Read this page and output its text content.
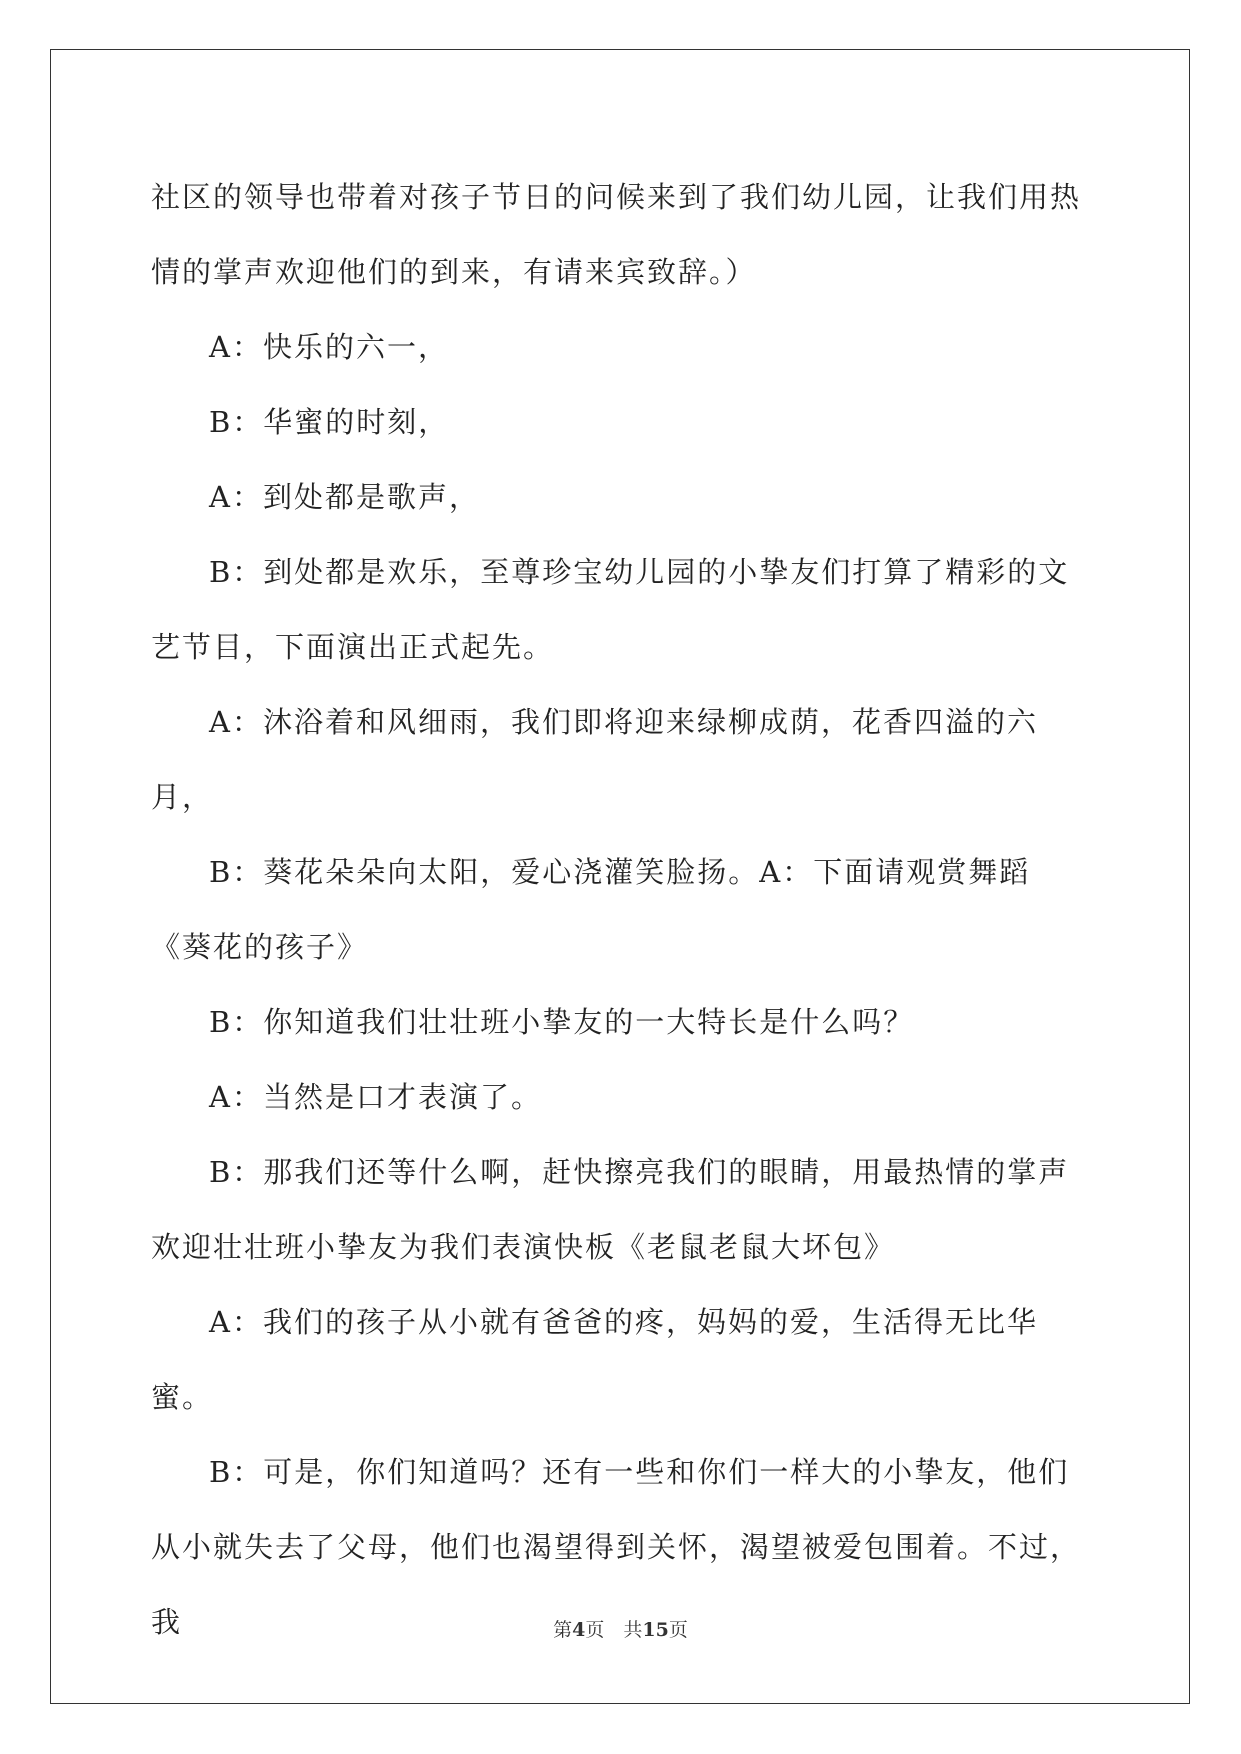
社区的领导也带着对孩子节日的问候来到了我们幼儿园，让我们用热情的掌声欢迎他们的到来，有请来宾致辞。）

A：快乐的六一，

B：华蜜的时刻，

A：到处都是歌声，

B：到处都是欢乐，至尊珍宝幼儿园的小挚友们打算了精彩的文艺节目，下面演出正式起先。

A：沐浴着和风细雨，我们即将迎来绿柳成荫，花香四溢的六月，

B：葵花朵朵向太阳，爱心浇灌笑脸扬。A：下面请观赏舞蹈《葵花的孩子》

B：你知道我们壮壮班小挚友的一大特长是什么吗？

A：当然是口才表演了。

B：那我们还等什么啊，赶快擦亮我们的眼睛，用最热情的掌声欢迎壮壮班小挚友为我们表演快板《老鼠老鼠大坏包》

A：我们的孩子从小就有爸爸的疼，妈妈的爱，生活得无比华蜜。

B：可是，你们知道吗？还有一些和你们一样大的小挚友，他们从小就失去了父母，他们也渴望得到关怀，渴望被爱包围着。不过，我	第4页　共15页
